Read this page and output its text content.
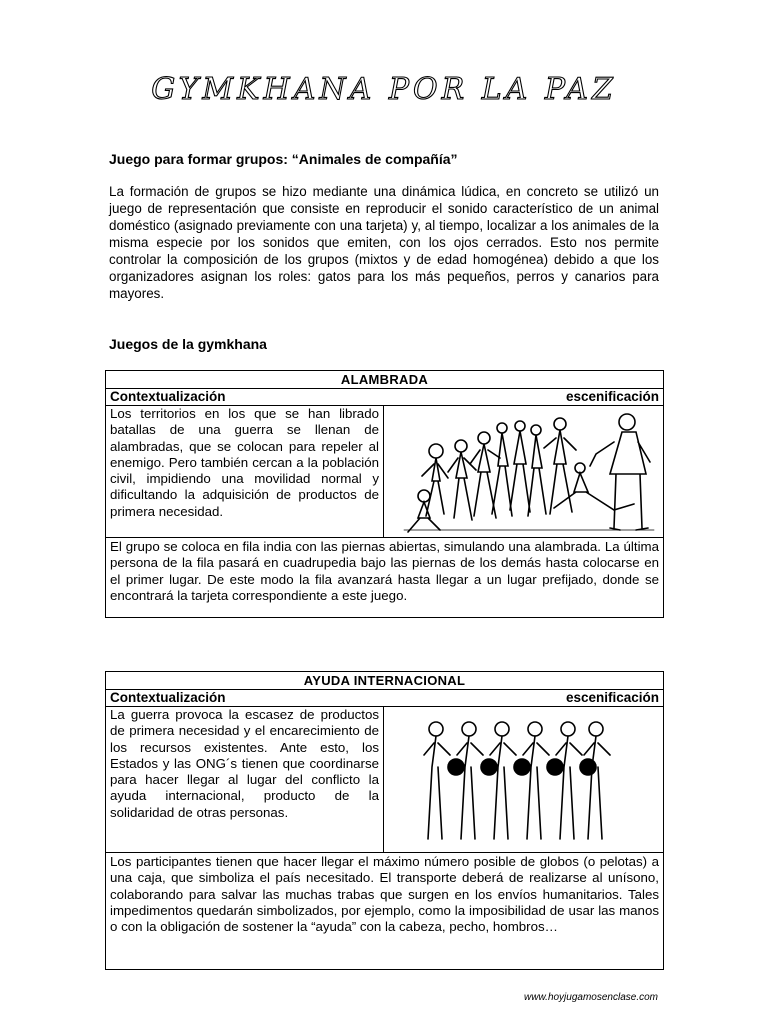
GYMKHANA POR LA PAZ
Juego para formar grupos: “Animales de compañía”
La formación de grupos se hizo mediante una dinámica lúdica, en concreto se utilizó un juego de representación que consiste en reproducir el sonido característico de un animal doméstico (asignado previamente con una tarjeta) y, al tiempo, localizar a los animales de la misma especie por los sonidos que emiten, con los ojos cerrados. Esto nos permite controlar la composición de los grupos (mixtos y de edad homogénea) debido a que los organizadores asignan los roles: gatos para los más pequeños, perros y canarios para mayores.
Juegos de la gymkhana
ALAMBRADA
Contextualización	escenificación
Los territorios en los que se han librado batallas de una guerra se llenan de alambradas, que se colocan para repeler al enemigo. Pero también cercan a la población civil, impidiendo una movilidad normal y dificultando la adquisición de productos de primera necesidad.
El grupo se coloca en fila india con las piernas abiertas, simulando una alambrada. La última persona de la fila pasará en cuadrupedia bajo las piernas de los demás hasta colocarse en el primer lugar. De este modo la fila avanzará hasta llegar a un lugar prefijado, donde se encontrará la tarjeta correspondiente a este juego.
AYUDA INTERNACIONAL
Contextualización	escenificación
La guerra provoca la escasez de productos de primera necesidad y el encarecimiento de los recursos existentes. Ante esto, los Estados y las ONG´s tienen que coordinarse para hacer llegar al lugar del conflicto la ayuda internacional, producto de la solidaridad de otras personas.
Los participantes tienen que hacer llegar el máximo número posible de globos (o pelotas) a una caja, que simboliza el país necesitado. El transporte deberá de realizarse al unísono, colaborando para salvar las muchas trabas que surgen en los envíos humanitarios. Tales impedimentos quedarán simbolizados, por ejemplo, como la imposibilidad de usar las manos o con la obligación de sostener la “ayuda” con la cabeza, pecho, hombros…
www.hoyjugamosenclase.com
